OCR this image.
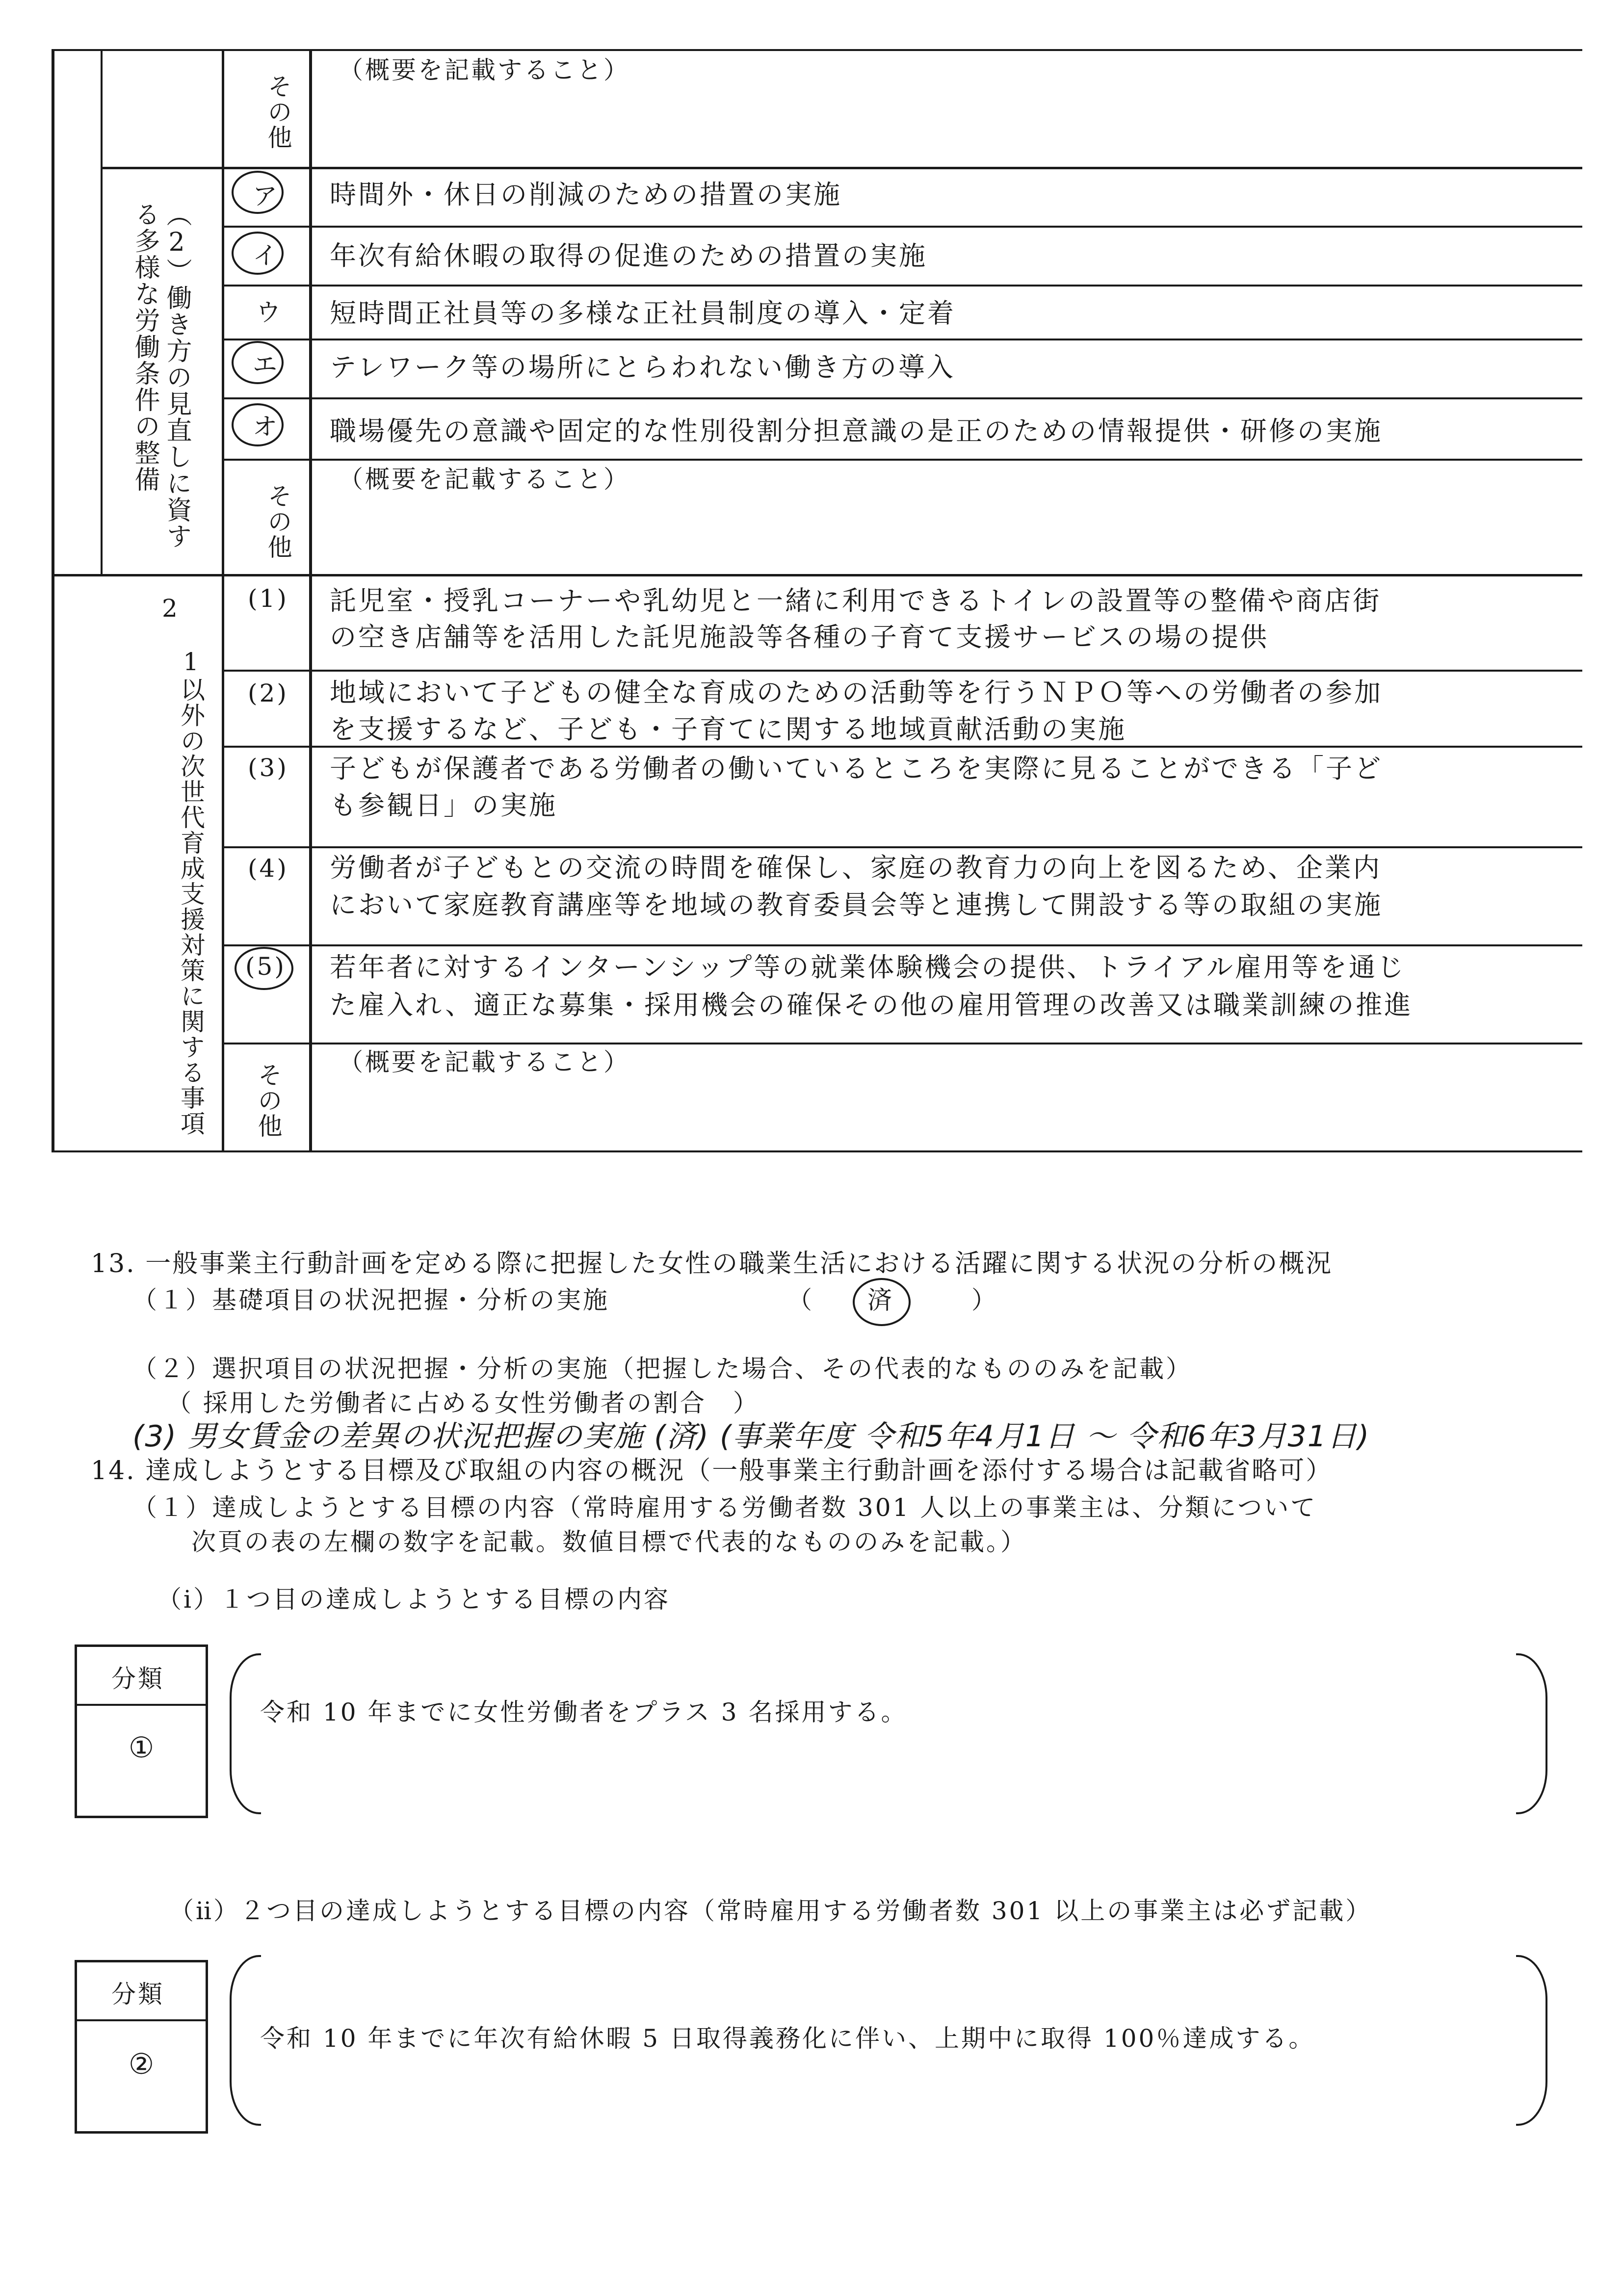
その他
（概要を記載すること）
（2）働き方の見直しに資する多様な労働条件の整備
ア 時間外・休日の削減のための措置の実施
イ 年次有給休暇の取得の促進のための措置の実施
ウ 短時間正社員等の多様な正社員制度の導入・定着
エ テレワーク等の場所にとらわれない働き方の導入
オ 職場優先の意識や固定的な性別役割分担意識の是正のための情報提供・研修の実施
その他
（概要を記載すること）
2
1以外の次世代育成支援対策に関する事項
(1) 託児室・授乳コーナーや乳幼児と一緒に利用できるトイレの設置等の整備や商店街
の空き店舗等を活用した託児施設等各種の子育て支援サービスの場の提供
(2) 地域において子どもの健全な育成のための活動等を行うＮＰＯ等への労働者の参加
を支援するなど、子ども・子育てに関する地域貢献活動の実施
(3) 子どもが保護者である労働者の働いているところを実際に見ることができる「子ど
も参観日」の実施
(4) 労働者が子どもとの交流の時間を確保し、家庭の教育力の向上を図るため、企業内
において家庭教育講座等を地域の教育委員会等と連携して開設する等の取組の実施
(5) 若年者に対するインターンシップ等の就業体験機会の提供、トライアル雇用等を通じ
た雇入れ、適正な募集・採用機会の確保その他の雇用管理の改善又は職業訓練の推進
その他 （概要を記載すること）
13. 一般事業主行動計画を定める際に把握した女性の職業生活における活躍に関する状況の分析の概況
（１）基礎項目の状況把握・分析の実施	（ 済	）
（２）選択項目の状況把握・分析の実施（把握した場合、その代表的なもののみを記載）
（ 採用した労働者に占める女性労働者の割合　）
(3) 男女賃金の差異の状況把握の実施 (済) (事業年度 令和5年4月1日 ～ 令和6年3月31日)
14. 達成しようとする目標及び取組の内容の概況（一般事業主行動計画を添付する場合は記載省略可）
（１）達成しようとする目標の内容（常時雇用する労働者数 301 人以上の事業主は、分類について
次頁の表の左欄の数字を記載。数値目標で代表的なもののみを記載。）
（ⅰ）１つ目の達成しようとする目標の内容
分類
①
令和 10 年までに女性労働者をプラス 3 名採用する。
（ⅱ）２つ目の達成しようとする目標の内容（常時雇用する労働者数 301 以上の事業主は必ず記載）
分類
②
令和 10 年までに年次有給休暇 5 日取得義務化に伴い、上期中に取得 100％達成する。
